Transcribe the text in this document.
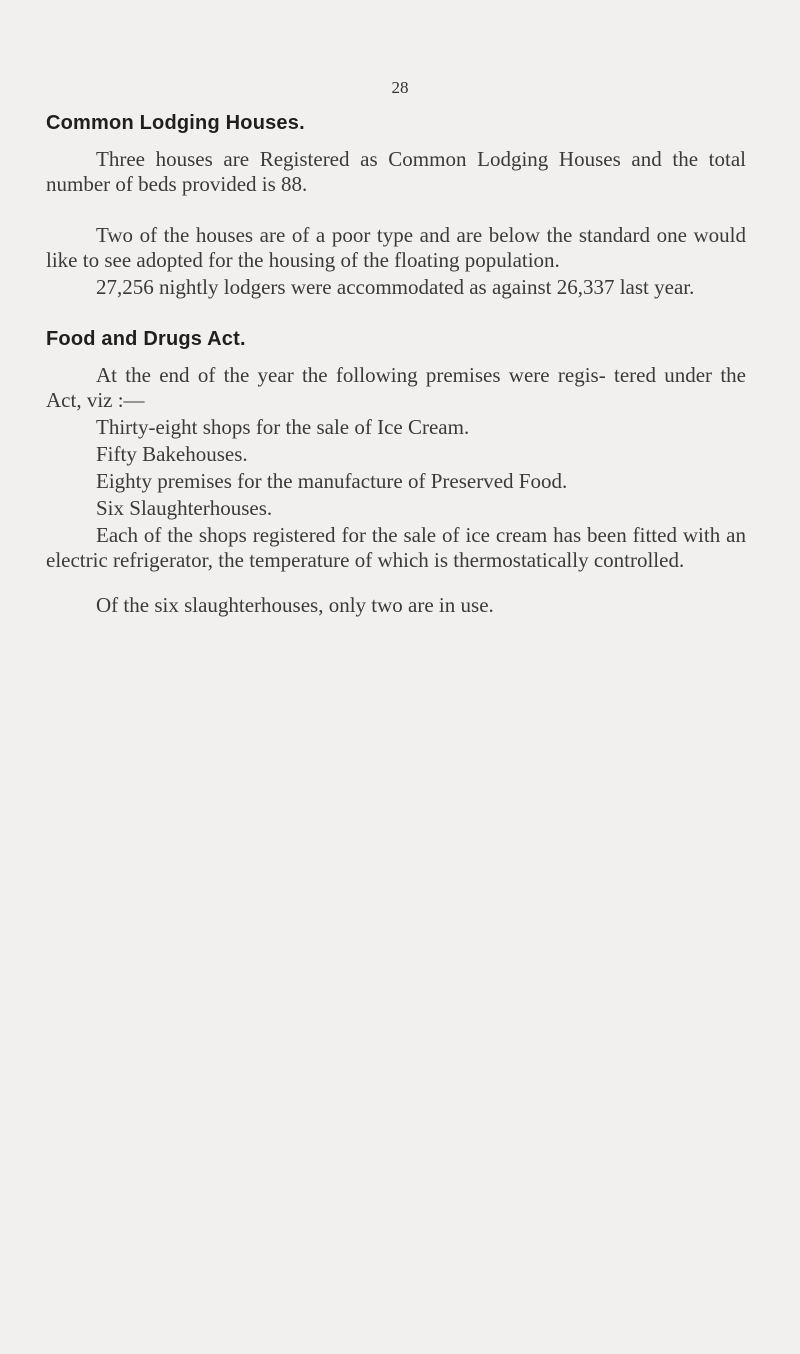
28
Common Lodging Houses.

Three houses are Registered as Common Lodging Houses and the total number of beds provided is 88.

Two of the houses are of a poor type and are below the standard one would like to see adopted for the housing of the floating population.

27,256 nightly lodgers were accommodated as against 26,337 last year.

Food and Drugs Act.

At the end of the year the following premises were regis- tered under the Act, viz :—

Thirty-eight shops for the sale of Ice Cream.

Fifty Bakehouses.

Eighty premises for the manufacture of Preserved Food.

Six Slaughterhouses.

Each of the shops registered for the sale of ice cream has been fitted with an electric refrigerator, the temperature of which is thermostatically controlled.

Of the six slaughterhouses, only two are in use.
